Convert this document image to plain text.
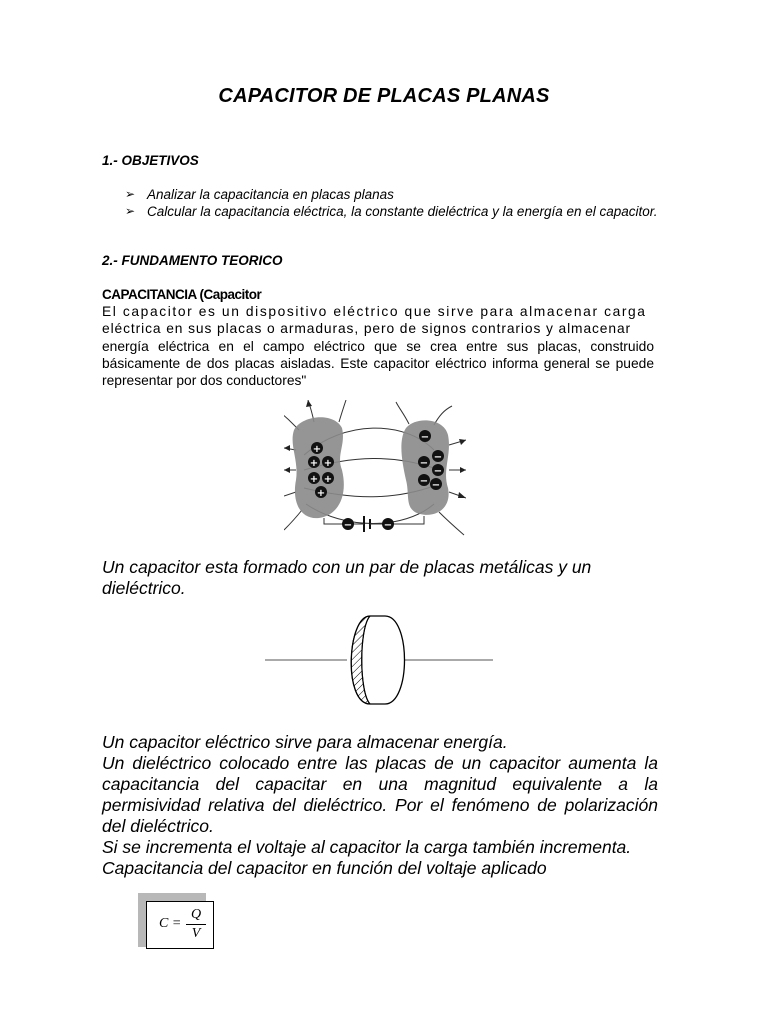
CAPACITOR DE PLACAS PLANAS
1.- OBJETIVOS
➢ Analizar la capacitancia en placas planas
➢ Calcular la capacitancia eléctrica, la constante dieléctrica y la energía en el capacitor.
2.- FUNDAMENTO TEORICO
CAPACITANCIA (Capacitor
El capacitor es un dispositivo eléctrico que sirve para almacenar carga
eléctrica en sus placas o armaduras, pero de signos contrarios y almacenar
energía eléctrica en el campo eléctrico que se crea entre sus placas, construido básicamente de dos placas aisladas. Este capacitor eléctrico informa general se puede representar por dos conductores"
+
+ +
+ +
+
−
−
−
−
− −
−	−
Un capacitor esta formado con un par de placas metálicas y un dieléctrico.
Un capacitor eléctrico sirve para almacenar energía.
Un dieléctrico colocado entre las placas de un capacitor aumenta la capacitancia del capacitar en una magnitud equivalente a la permisividad relativa del dieléctrico. Por el fenómeno de polarización del dieléctrico.
Si se incrementa el voltaje al capacitor la carga también incrementa.
Capacitancia del capacitor en función del voltaje aplicado
C =
Q
V
